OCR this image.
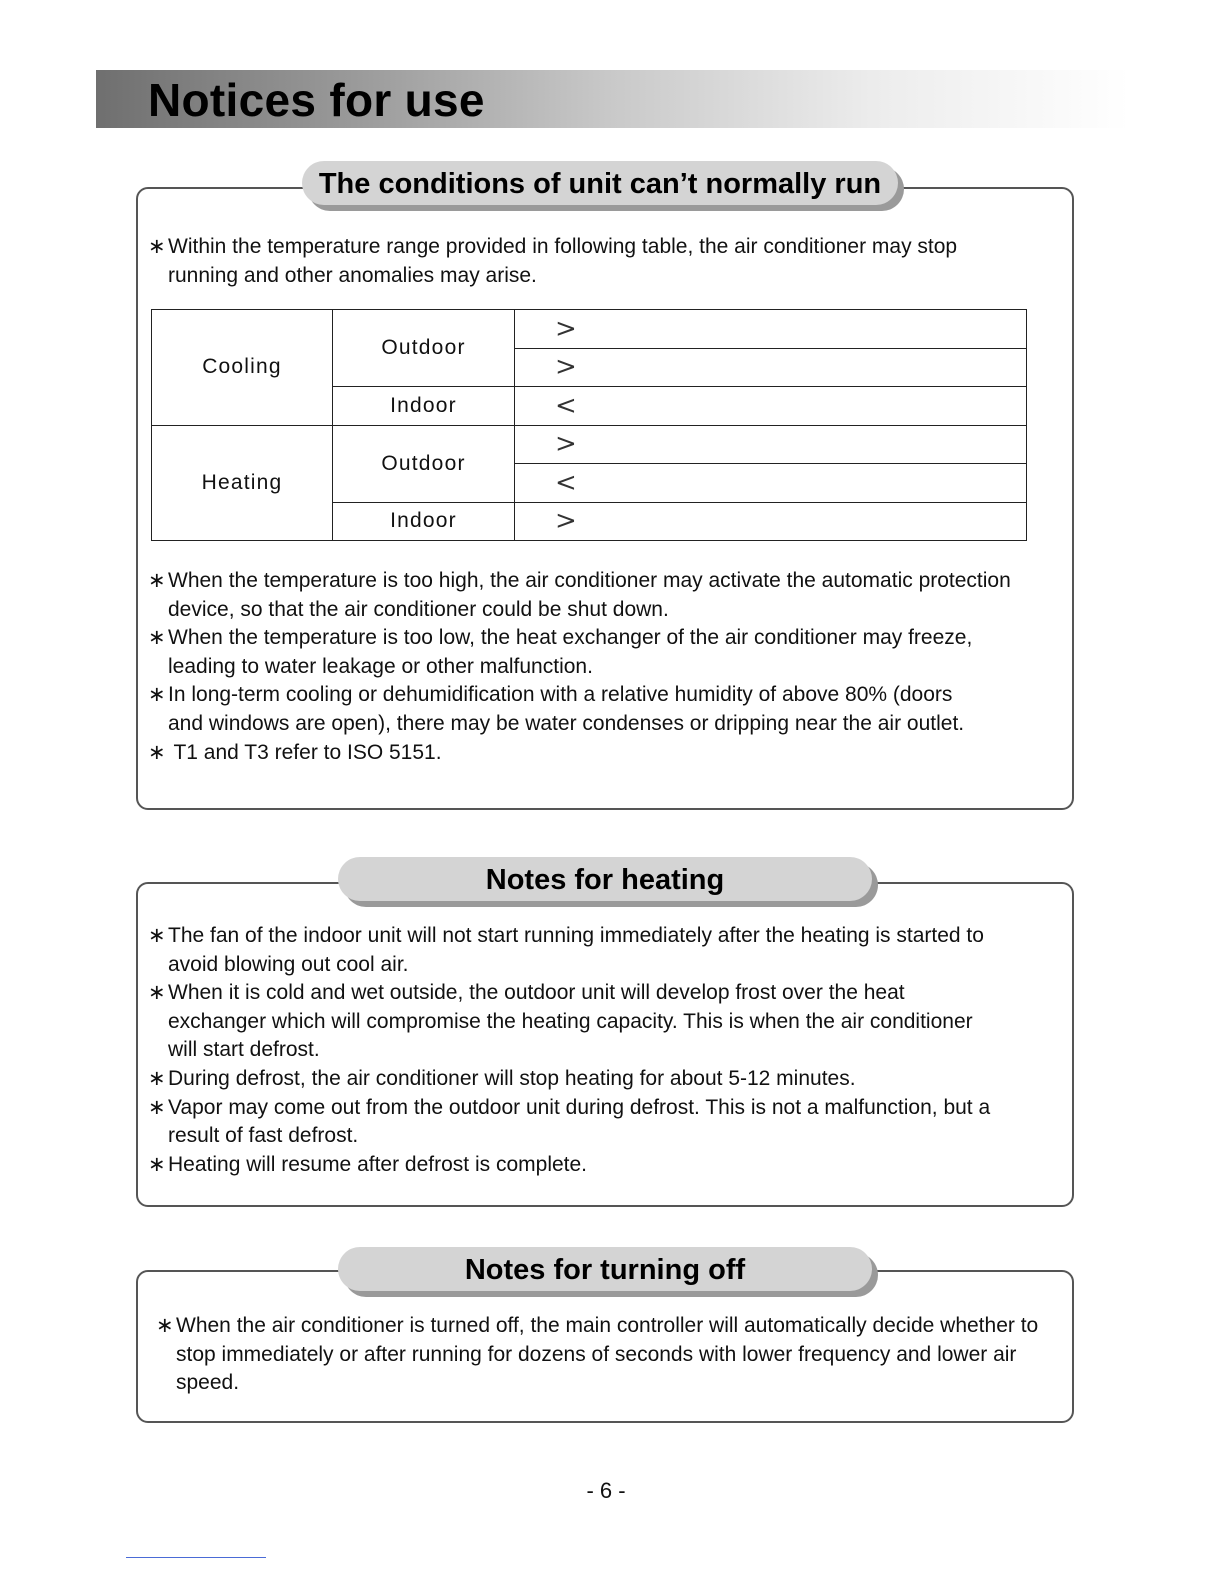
Notices for use
The conditions of unit can’t normally run
∗ Within the temperature range provided in following table, the air conditioner may stop running and other anomalies may arise.
Cooling	Outdoor	>
		>
	Indoor	<
Heating	Outdoor	>
		<
	Indoor	>
∗ When the temperature is too high, the air conditioner may activate the automatic protection device, so that the air conditioner could be shut down.
∗ When the temperature is too low, the heat exchanger of the air conditioner may freeze, leading to water leakage or other malfunction.
∗ In long-term cooling or dehumidification with a relative humidity of above 80% (doors and windows are open), there may be water condenses or dripping near the air outlet.
∗ T1 and T3 refer to ISO 5151.
Notes for heating
∗ The fan of the indoor unit will not start running immediately after the heating is started to avoid blowing out cool air.
∗ When it is cold and wet outside, the outdoor unit will develop frost over the heat exchanger which will compromise the heating capacity. This is when the air conditioner will start defrost.
∗ During defrost, the air conditioner will stop heating for about 5-12 minutes.
∗ Vapor may come out from the outdoor unit during defrost. This is not a malfunction, but a result of fast defrost.
∗ Heating will resume after defrost is complete.
Notes for turning off
∗ When the air conditioner is turned off, the main controller will automatically decide whether to stop immediately or after running for dozens of seconds with lower frequency and lower air speed.
- 6 -
